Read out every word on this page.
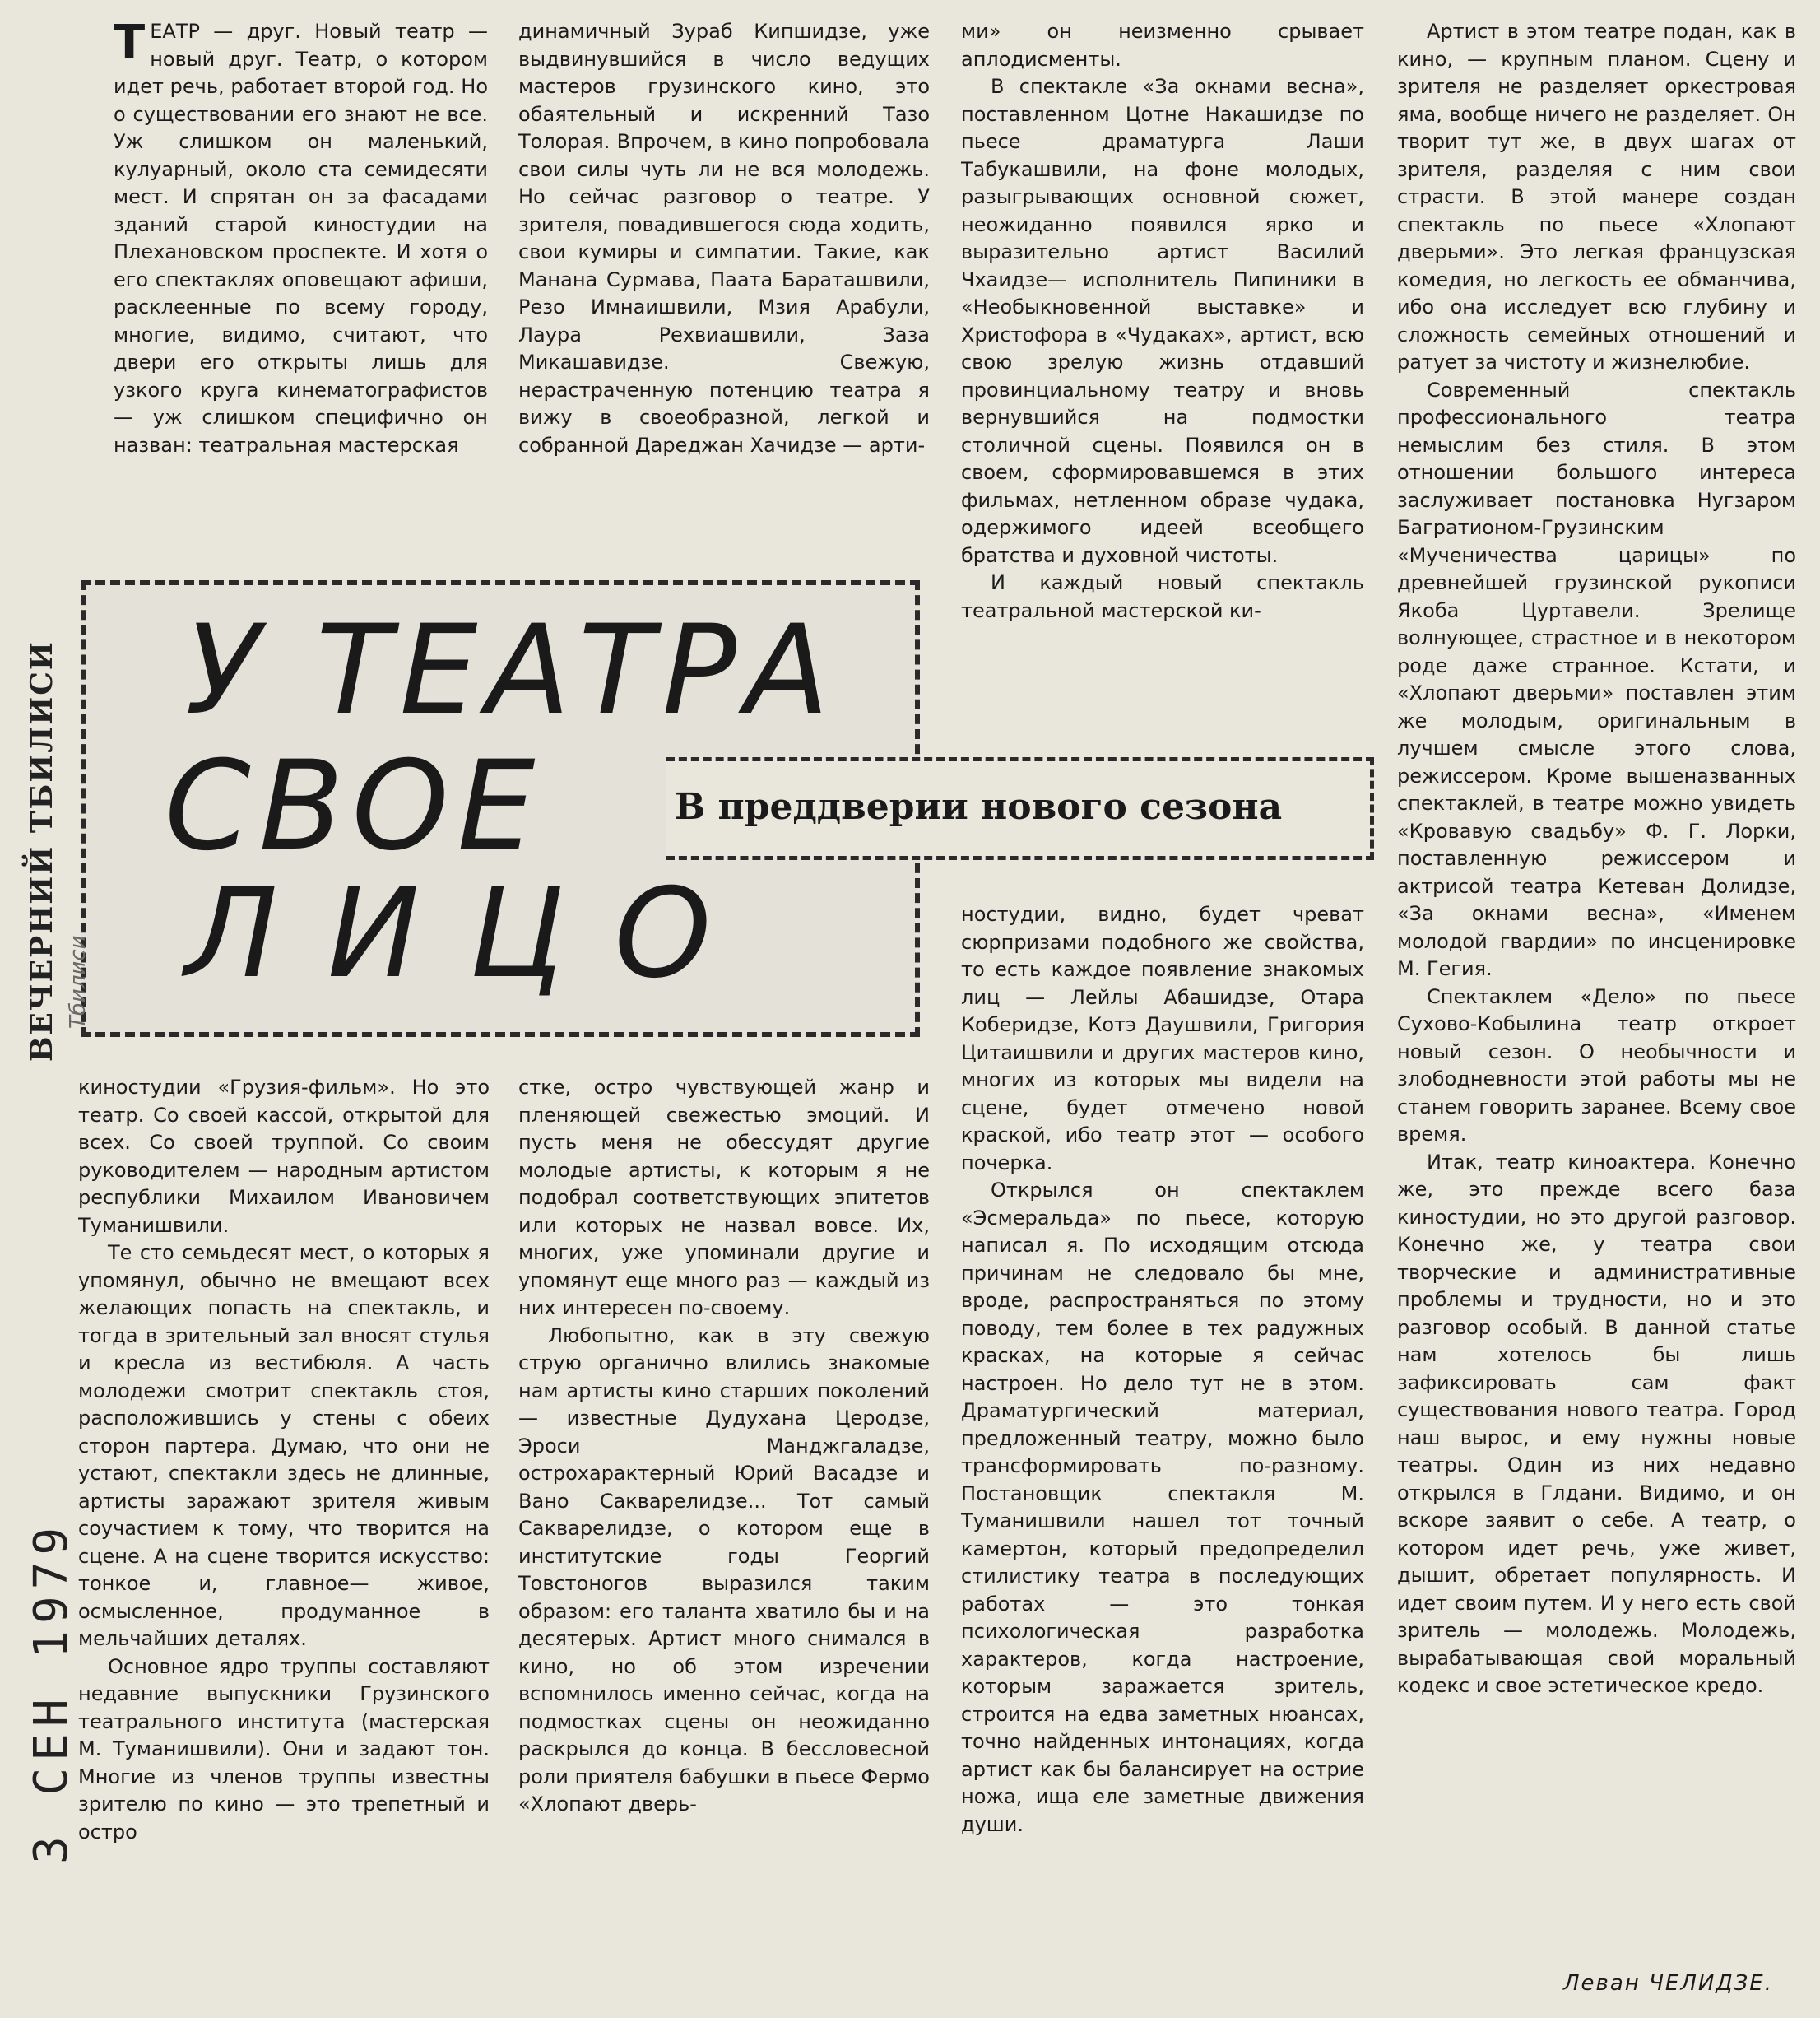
ТЕАТР — друг. Новый театр — новый друг. Театр, о котором идет речь, работает второй год. Но о существовании его знают не все. Уж слишком он маленький, кулуарный, около ста семидесяти мест. И спрятан он за фасадами зданий старой киностудии на Плехановском проспекте. И хотя о его спектаклях оповещают афиши, расклеенные по всему городу, многие, видимо, считают, что двери его открыты лишь для узкого круга кинематографистов — уж слишком специфично он назван: театральная мастерская

динамичный Зураб Кипшидзе, уже выдвинувшийся в число ведущих мастеров грузинского кино, это обаятельный и искренний Тазо Толорая. Впрочем, в кино попробовала свои силы чуть ли не вся молодежь. Но сейчас разговор о театре. У зрителя, повадившегося сюда ходить, свои кумиры и симпатии. Такие, как Манана Сурмава, Паата Бараташвили, Резо Имнаишвили, Мзия Арабули, Лаура Рехвиашвили, Заза Микашавидзе. Свежую, нерастраченную потенцию театра я вижу в своеобразной, легкой и собранной Дареджан Хачидзе — арти-

ми» он неизменно срывает аплодисменты.

В спектакле «За окнами весна», поставленном Цотне Накашидзе по пьесе драматурга Лаши Табукашвили, на фоне молодых, разыгрывающих основной сюжет, неожиданно появился ярко и выразительно артист Василий Чхаидзе— исполнитель Пипиники в «Необыкновенной выставке» и Христофора в «Чудаках», артист, всю свою зрелую жизнь отдавший провинциальному театру и вновь вернувшийся на подмостки столичной сцены. Появился он в своем, сформировавшемся в этих фильмах, нетленном образе чудака, одержимого идеей всеобщего братства и духовной чистоты.

И каждый новый спектакль театральной мастерской ки-

Артист в этом театре подан, как в кино, — крупным планом. Сцену и зрителя не разделяет оркестровая яма, вообще ничего не разделяет. Он творит тут же, в двух шагах от зрителя, разделяя с ним свои страсти. В этой манере создан спектакль по пьесе «Хлопают дверьми». Это легкая французская комедия, но легкость ее обманчива, ибо она исследует всю глубину и сложность семейных отношений и ратует за чистоту и жизнелюбие.

Современный спектакль профессионального театра немыслим без стиля. В этом отношении большого интереса заслуживает постановка Нугзаром Багратионом-Грузинским «Мученичества царицы» по древнейшей грузинской рукописи Якоба Цуртавели. Зрелище волнующее, страстное и в некотором роде даже странное. Кстати, и «Хлопают дверьми» поставлен этим же молодым, оригинальным в лучшем смысле этого слова, режиссером. Кроме вышеназванных спектаклей, в театре можно увидеть «Кровавую свадьбу» Ф. Г. Лорки, поставленную режиссером и актрисой театра Кетеван Долидзе, «За окнами весна», «Именем молодой гвардии» по инсценировке М. Гегия.

Спектаклем «Дело» по пьесе Сухово-Кобылина театр откроет новый сезон. О необычности и злободневности этой работы мы не станем говорить заранее. Всему свое время.

Итак, театр киноактера. Конечно же, это прежде всего база киностудии, но это другой разговор. Конечно же, у театра свои творческие и административные проблемы и трудности, но и это разговор особый. В данной статье нам хотелось бы лишь зафиксировать сам факт существования нового театра. Город наш вырос, и ему нужны новые театры. Один из них недавно открылся в Глдани. Видимо, и он вскоре заявит о себе. А театр, о котором идет речь, уже живет, дышит, обретает популярность. И идет своим путем. И у него есть свой зритель — молодежь. Молодежь, вырабатывающая свой моральный кодекс и свое эстетическое кредо.

У ТЕАТРА
СВОЕ
ЛИЦО
В преддверии нового сезона

ностудии, видно, будет чреват сюрпризами подобного же свойства, то есть каждое появление знакомых лиц — Лейлы Абашидзе, Отара Коберидзе, Котэ Даушвили, Григория Цитаишвили и других мастеров кино, многих из которых мы видели на сцене, будет отмечено новой краской, ибо театр этот — особого почерка.

Открылся он спектаклем «Эсмеральда» по пьесе, которую написал я. По исходящим отсюда причинам не следовало бы мне, вроде, распространяться по этому поводу, тем более в тех радужных красках, на которые я сейчас настроен. Но дело тут не в этом. Драматургический материал, предложенный театру, можно было трансформировать по-разному. Постановщик спектакля М. Туманишвили нашел тот точный камертон, который предопределил стилистику театра в последующих работах — это тонкая психологическая разработка характеров, когда настроение, которым заражается зритель, строится на едва заметных нюансах, точно найденных интонациях, когда артист как бы балансирует на острие ножа, ища еле заметные движения души.

киностудии «Грузия-фильм». Но это театр. Со своей кассой, открытой для всех. Со своей труппой. Со своим руководителем — народным артистом республики Михаилом Ивановичем Туманишвили.

Те сто семьдесят мест, о которых я упомянул, обычно не вмещают всех желающих попасть на спектакль, и тогда в зрительный зал вносят стулья и кресла из вестибюля. А часть молодежи смотрит спектакль стоя, расположившись у стены с обеих сторон партера. Думаю, что они не устают, спектакли здесь не длинные, артисты заражают зрителя живым соучастием к тому, что творится на сцене. А на сцене творится искусство: тонкое и, главное— живое, осмысленное, продуманное в мельчайших деталях.

Основное ядро труппы составляют недавние выпускники Грузинского театрального института (мастерская М. Туманишвили). Они и задают тон. Многие из членов труппы известны зрителю по кино — это трепетный и остро

стке, остро чувствующей жанр и пленяющей свежестью эмоций. И пусть меня не обессудят другие молодые артисты, к которым я не подобрал соответствующих эпитетов или которых не назвал вовсе. Их, многих, уже упоминали другие и упомянут еще много раз — каждый из них интересен по-своему.

Любопытно, как в эту свежую струю органично влились знакомые нам артисты кино старших поколений — известные Дудухана Церодзе, Эроси Манджгаладзе, острохарактерный Юрий Васадзе и Вано Сакварелидзе... Тот самый Сакварелидзе, о котором еще в институтские годы Георгий Товстоногов выразился таким образом: его таланта хватило бы и на десятерых. Артист много снимался в кино, но об этом изречении вспомнилось именно сейчас, когда на подмостках сцены он неожиданно раскрылся до конца. В бессловесной роли приятеля бабушки в пьесе Фермо «Хлопают дверь-

ВЕЧЕРНИЙ ТБИЛИСИ Тбилиси
3 СЕН 1979
Леван ЧЕЛИДЗЕ.
